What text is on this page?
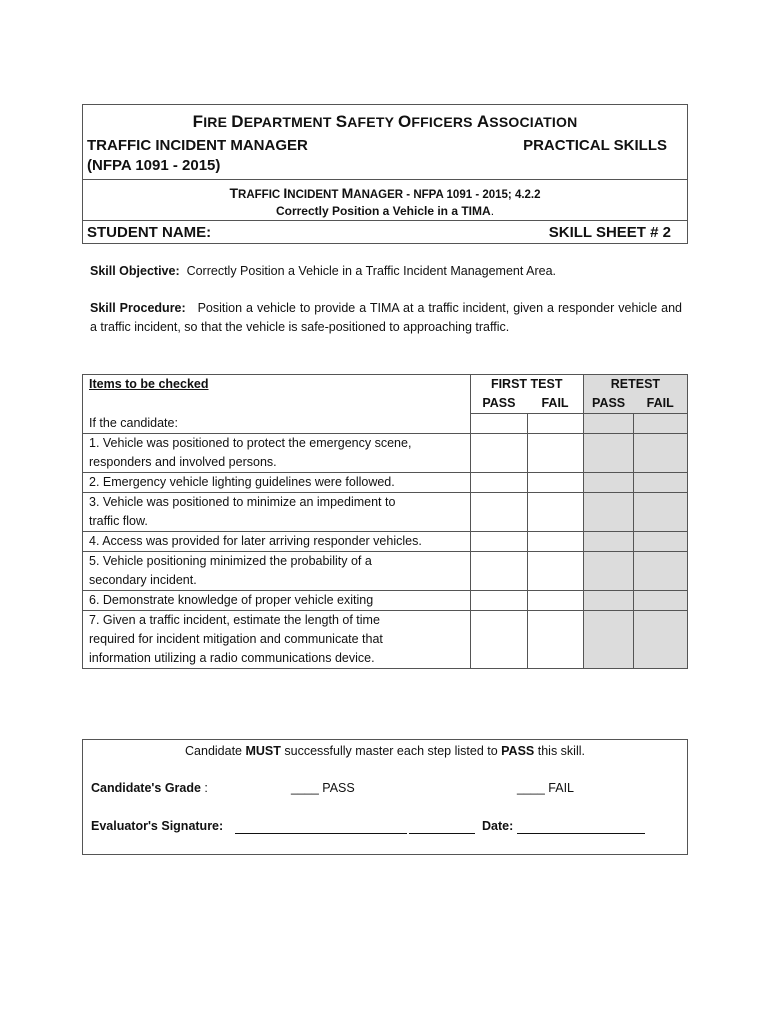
FIRE DEPARTMENT SAFETY OFFICERS ASSOCIATION
TRAFFIC INCIDENT MANAGER	PRACTICAL SKILLS
(NFPA 1091 - 2015)
TRAFFIC INCIDENT MANAGER - NFPA 1091 - 2015; 4.2.2
Correctly Position a Vehicle in a TIMA.
STUDENT NAME:	SKILL SHEET # 2

Skill Objective: Correctly Position a Vehicle in a Traffic Incident Management Area.

Skill Procedure: Position a vehicle to provide a TIMA at a traffic incident, given a responder vehicle and a traffic incident, so that the vehicle is safe-positioned to approaching traffic.

Items to be checked	FIRST TEST		RETEST	
	PASS	FAIL	PASS	FAIL
If the candidate:				

1. Vehicle was positioned to protect the emergency scene,
responders and involved persons.				

2. Emergency vehicle lighting guidelines were followed.				

3. Vehicle was positioned to minimize an impediment to
traffic flow.				

4. Access was provided for later arriving responder vehicles.				

5. Vehicle positioning minimized the probability of a
secondary incident.				

6. Demonstrate knowledge of proper vehicle exiting				

7. Given a traffic incident, estimate the length of time
required for incident mitigation and communicate that
information utilizing a radio communications device.				

Candidate MUST successfully master each step listed to PASS this skill.
Candidate's Grade :	____ PASS	____ FAIL
Evaluator's Signature:	Date:
